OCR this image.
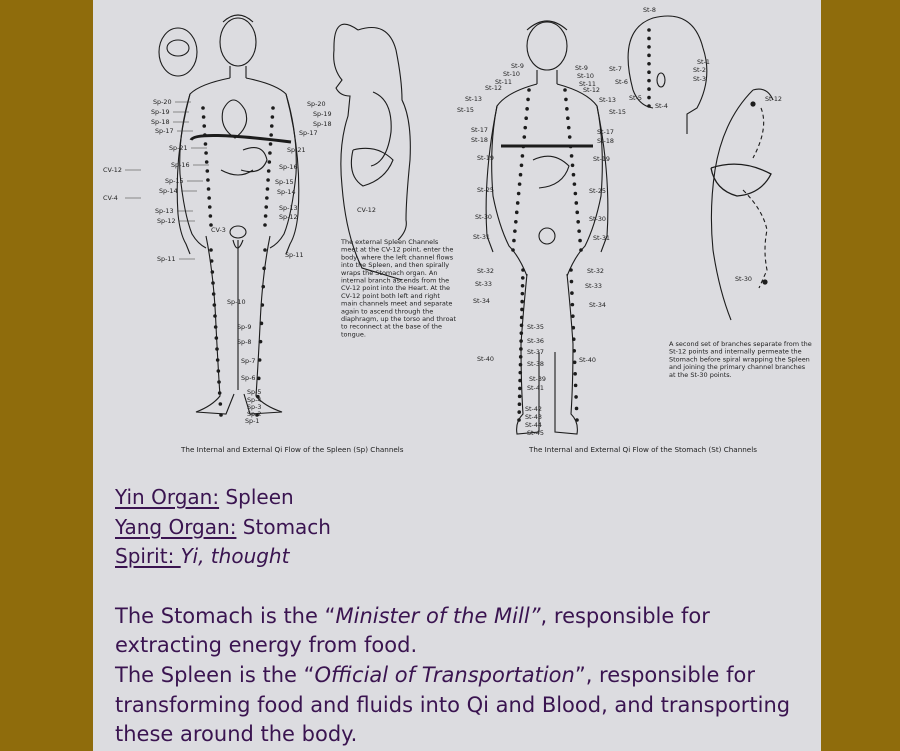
Sp-20
Sp-19
Sp-18
Sp-17
Sp-21
Sp-16
CV-12
Sp-15
Sp-14
CV-4
Sp-13
Sp-12
Sp-11
Sp-10
Sp-9
Sp-8
Sp-7
Sp-6
Sp-5
Sp-4
Sp-3
Sp-2
Sp-1
Sp-20
Sp-19
Sp-18
Sp-17
Sp-21
Sp-16
Sp-15
Sp-14
Sp-13
Sp-12
Sp-11
CV-3
CV-12
St-9
St-10
St-11
St-12
St-13
St-15
St-17
St-18
St-19
St-25
St-30
St-31
St-32
St-33
St-34
St-40
St-9
St-10
St-11
St-12
St-13
St-15
St-17
St-18
St-19
St-25
St-30
St-31
St-32
St-33
St-34
St-40
St-35
St-36
St-37
St-38
St-39
St-41
St-42
St-43
St-44
St-45
St-8
St-7
St-6
St-5
St-4
St-1
St-2
St-3
St-12
St-30
The external Spleen Channels
meet at the CV-12 point, enter the
body, where the left channel flows
into the Spleen, and then spirally
wraps the Stomach organ. An
internal branch ascends from the
CV-12 point into the Heart. At the
CV-12 point both left and right
main channels meet and separate
again to ascend through the
diaphragm, up the torso and throat
to reconnect at the base of the
tongue.
A second set of branches separate from the
St-12 points and internally permeate the
Stomach before spiral wrapping the Spleen
and joining the primary channel branches
at the St-30 points.
The Internal and External Qi Flow of the Spleen (Sp) Channels	The Internal and External Qi Flow of the Stomach (St) Channels
Yin Organ: Spleen
Yang Organ: Stomach
Spirit: Yi, thought
The Stomach is the “Minister of the Mill”, responsible for extracting energy from food.
The Spleen is the “Official of Transportation”, responsible for transforming food and fluids into Qi and Blood, and transporting these around the body.
